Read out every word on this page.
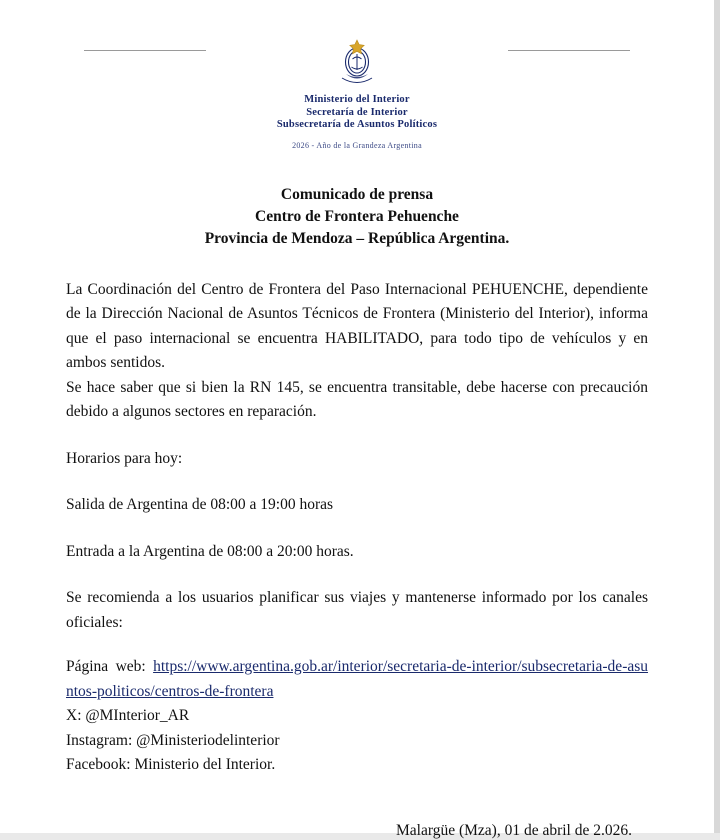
Ministerio del Interior
Secretaría de Interior
Subsecretaría de Asuntos Políticos
2026 - Año de la Grandeza Argentina
Comunicado de prensa
Centro de Frontera Pehuenche
Provincia de Mendoza – República Argentina.

La Coordinación del Centro de Frontera del Paso Internacional PEHUENCHE, dependiente de la Dirección Nacional de Asuntos Técnicos de Frontera (Ministerio del Interior), informa que el paso internacional se encuentra HABILITADO, para todo tipo de vehículos y en ambos sentidos.

Se hace saber que si bien la RN 145, se encuentra transitable, debe hacerse con precaución debido a algunos sectores en reparación.

Horarios para hoy:

Salida de Argentina de 08:00 a 19:00 horas

Entrada a la Argentina de 08:00 a 20:00 horas.

Se recomienda a los usuarios planificar sus viajes y mantenerse informado por los canales oficiales:

Página web: https://www.argentina.gob.ar/interior/secretaria-de-interior/subsecretaria-de-asuntos-politicos/centros-de-frontera
X: @MInterior_AR
Instagram: @Ministeriodelinterior
Facebook: Ministerio del Interior.
Malargüe (Mza), 01 de abril de 2.026.
